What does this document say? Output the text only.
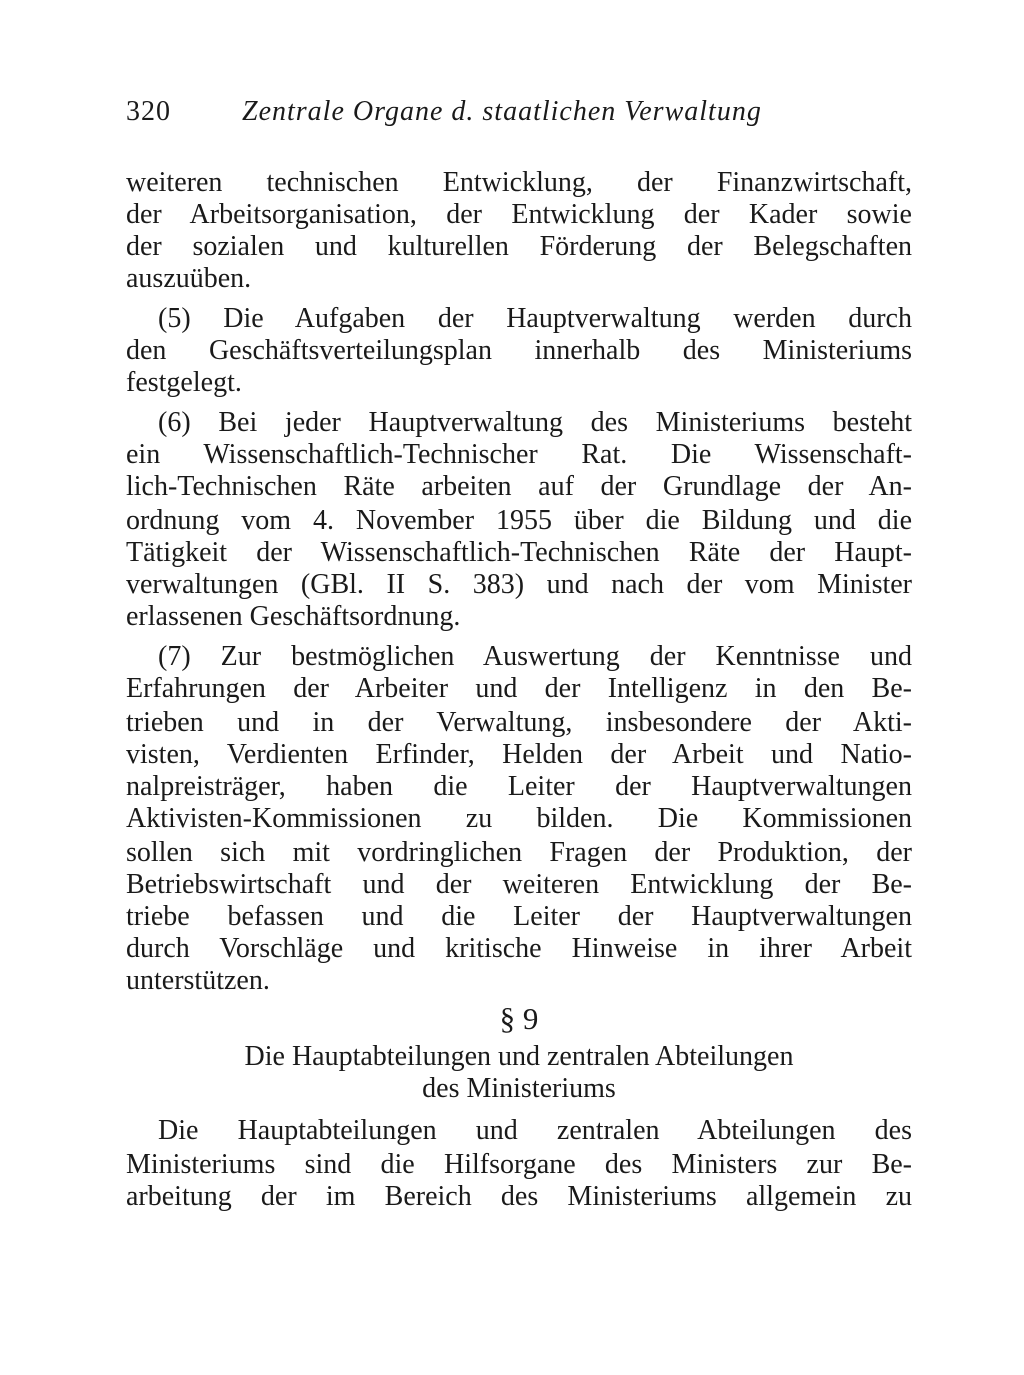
320	Zentrale Organe d. staatlichen Verwaltung
weiteren technischen Entwicklung, der Finanzwirtschaft,
der Arbeitsorganisation, der Entwicklung der Kader sowie
der sozialen und kulturellen Förderung der Belegschaften
auszuüben.
(5) Die Aufgaben der Hauptverwaltung werden durch
den Geschäftsverteilungsplan innerhalb des Ministeriums
festgelegt.
(6) Bei jeder Hauptverwaltung des Ministeriums besteht
ein Wissenschaftlich-Technischer Rat. Die Wissenschaft-
lich-Technischen Räte arbeiten auf der Grundlage der An-
ordnung vom 4. November 1955 über die Bildung und die
Tätigkeit der Wissenschaftlich-Technischen Räte der Haupt-
verwaltungen (GBl. II S. 383) und nach der vom Minister
erlassenen Geschäftsordnung.
(7) Zur bestmöglichen Auswertung der Kenntnisse und
Erfahrungen der Arbeiter und der Intelligenz in den Be-
trieben und in der Verwaltung, insbesondere der Akti-
visten, Verdienten Erfinder, Helden der Arbeit und Natio-
nalpreisträger, haben die Leiter der Hauptverwaltungen
Aktivisten-Kommissionen zu bilden. Die Kommissionen
sollen sich mit vordringlichen Fragen der Produktion, der
Betriebswirtschaft und der weiteren Entwicklung der Be-
triebe befassen und die Leiter der Hauptverwaltungen
durch Vorschläge und kritische Hinweise in ihrer Arbeit
unterstützen.
§ 9
Die Hauptabteilungen und zentralen Abteilungen
des Ministeriums
Die Hauptabteilungen und zentralen Abteilungen des
Ministeriums sind die Hilfsorgane des Ministers zur Be-
arbeitung der im Bereich des Ministeriums allgemein zu
